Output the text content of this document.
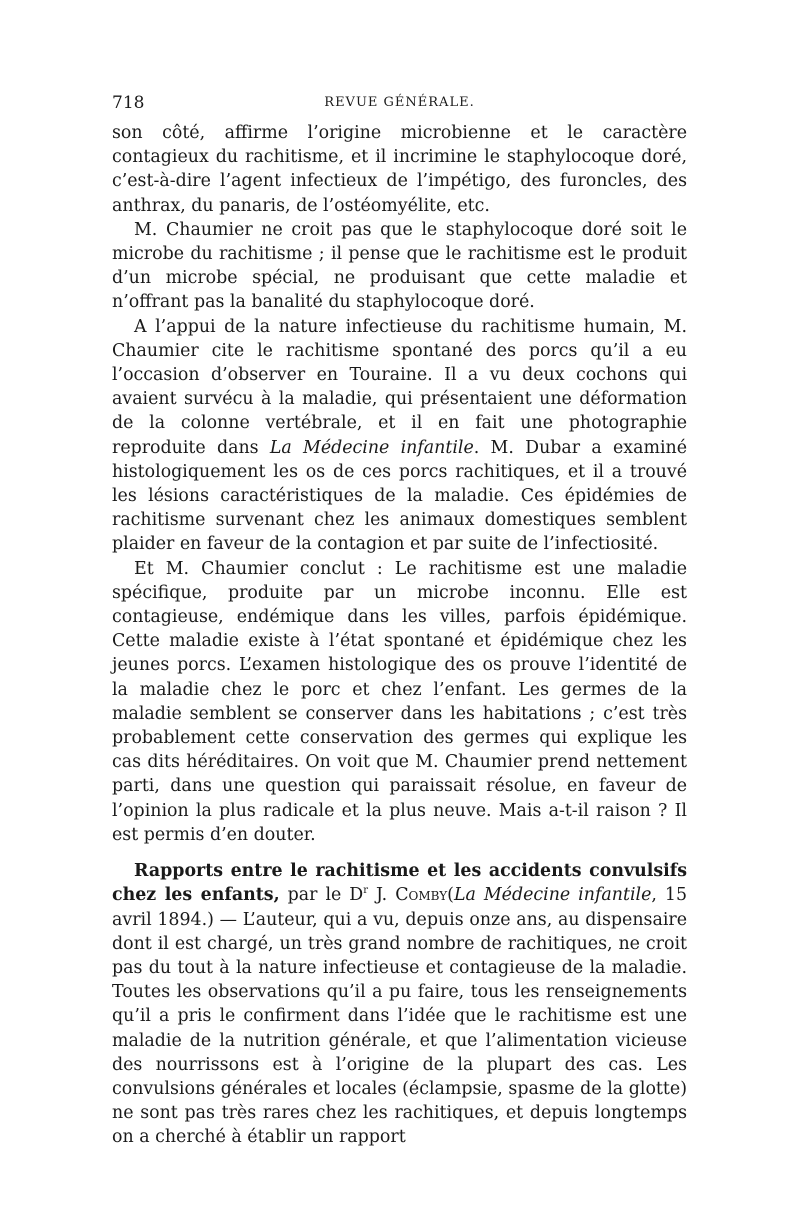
718	REVUE GÉNÉRALE.

son côté, affirme l’origine microbienne et le caractère contagieux du rachitisme, et il incrimine le staphylocoque doré, c’est-à-dire l’agent infectieux de l’impétigo, des furoncles, des anthrax, du panaris, de l’ostéomyélite, etc.

M. Chaumier ne croit pas que le staphylocoque doré soit le microbe du rachitisme ; il pense que le rachitisme est le produit d’un microbe spécial, ne produisant que cette maladie et n’offrant pas la banalité du staphylocoque doré.

A l’appui de la nature infectieuse du rachitisme humain, M. Chaumier cite le rachitisme spontané des porcs qu’il a eu l’occasion d’observer en Touraine. Il a vu deux cochons qui avaient survécu à la maladie, qui présentaient une déformation de la colonne vertébrale, et il en fait une photographie reproduite dans La Médecine infantile. M. Dubar a examiné histologiquement les os de ces porcs rachitiques, et il a trouvé les lésions caractéristiques de la maladie. Ces épidémies de rachitisme survenant chez les animaux domestiques semblent plaider en faveur de la contagion et par suite de l’infectiosité.

Et M. Chaumier conclut : Le rachitisme est une maladie spécifique, produite par un microbe inconnu. Elle est contagieuse, endémique dans les villes, parfois épidémique. Cette maladie existe à l’état spontané et épidémique chez les jeunes porcs. L’examen histologique des os prouve l’identité de la maladie chez le porc et chez l’enfant. Les germes de la maladie semblent se conserver dans les habitations ; c’est très probablement cette conservation des germes qui explique les cas dits héréditaires. On voit que M. Chaumier prend nettement parti, dans une question qui paraissait résolue, en faveur de l’opinion la plus radicale et la plus neuve. Mais a-t-il raison ? Il est permis d’en douter.

Rapports entre le rachitisme et les accidents convulsifs chez les enfants, par le $D^r$ J. Comby(La Médecine infantile, 15 avril 1894.) — L’auteur, qui a vu, depuis onze ans, au dispensaire dont il est chargé, un très grand nombre de rachitiques, ne croit pas du tout à la nature infectieuse et contagieuse de la maladie. Toutes les observations qu’il a pu faire, tous les renseignements qu’il a pris le confirment dans l’idée que le rachitisme est une maladie de la nutrition générale, et que l’alimentation vicieuse des nourrissons est à l’origine de la plupart des cas. Les convulsions générales et locales (éclampsie, spasme de la glotte) ne sont pas très rares chez les rachitiques, et depuis longtemps on a cherché à établir un rapport
